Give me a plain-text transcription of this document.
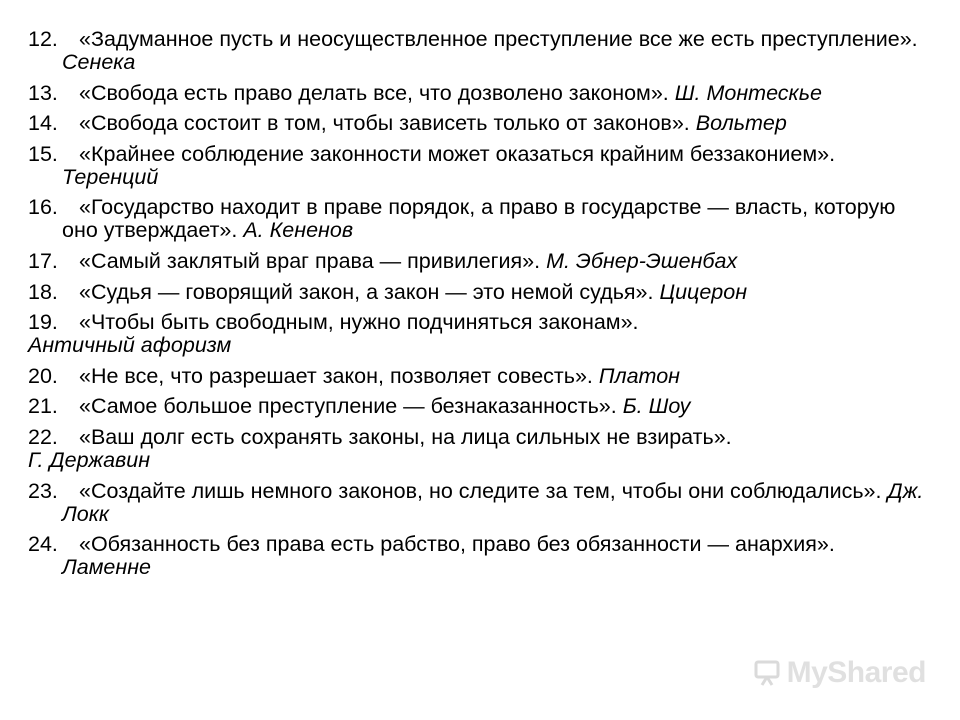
12. «Задуманное пусть и неосуществленное преступление все же есть преступление». Сенека
13. «Свобода есть право делать все, что дозволено законом». Ш. Монтескье
14. «Свобода состоит в том, чтобы зависеть только от законов». Вольтер
15. «Крайнее соблюдение законности может оказаться крайним беззаконием». Теренций
16. «Государство находит в праве порядок, а право в государстве — власть, которую оно утверждает». А. Кененов
17. «Самый заклятый враг права — привилегия». М. Эбнер-Эшенбах
18. «Судья — говорящий закон, а закон — это немой судья». Цицерон
19. «Чтобы быть свободным, нужно подчиняться законам».
Античный афоризм
20. «Не все, что разрешает закон, позволяет совесть». Платон
21. «Самое большое преступление — безнаказанность». Б. Шоу
22. «Ваш долг есть сохранять законы, на лица сильных не взирать».
Г. Державин
23. «Создайте лишь немного законов, но следите за тем, чтобы они соблюдались». Дж. Локк
24. «Обязанность без права есть рабство, право без обязанности — анархия». Ламенне
MyShared
